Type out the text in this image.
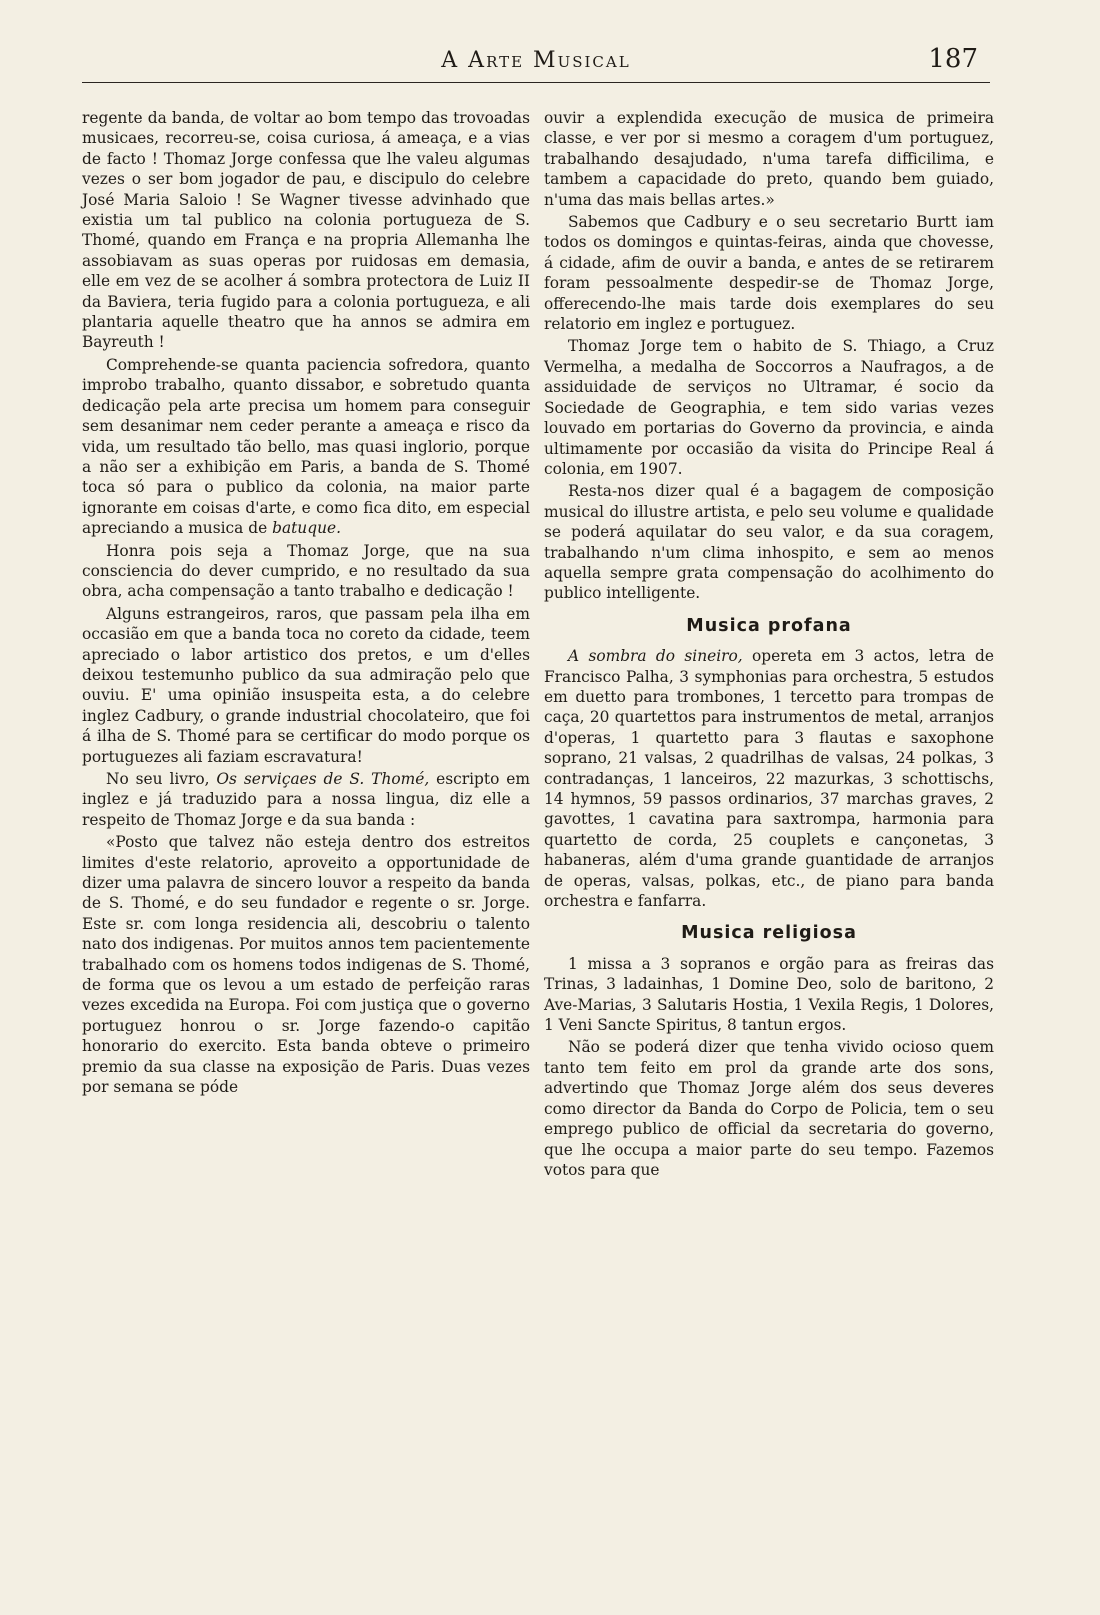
A Arte Musical	187

regente da banda, de voltar ao bom tempo das trovoadas musicaes, recorreu-se, coisa curiosa, á ameaça, e a vias de facto ! Thomaz Jorge confessa que lhe valeu algumas vezes o ser bom jogador de pau, e discipulo do celebre José Maria Saloio ! Se Wagner tivesse advinhado que existia um tal publico na colonia portugueza de S. Thomé, quando em França e na propria Allemanha lhe assobiavam as suas operas por ruidosas em demasia, elle em vez de se acolher á sombra protectora de Luiz II da Baviera, teria fugido para a colonia portugueza, e ali plantaria aquelle theatro que ha annos se admira em Bayreuth !

Comprehende-se quanta paciencia sofredora, quanto improbo trabalho, quanto dissabor, e sobretudo quanta dedicação pela arte precisa um homem para conseguir sem desanimar nem ceder perante a ameaça e risco da vida, um resultado tão bello, mas quasi inglorio, porque a não ser a exhibição em Paris, a banda de S. Thomé toca só para o publico da colonia, na maior parte ignorante em coisas d'arte, e como fica dito, em especial apreciando a musica de batuque.

Honra pois seja a Thomaz Jorge, que na sua consciencia do dever cumprido, e no resultado da sua obra, acha compensação a tanto trabalho e dedicação !

Alguns estrangeiros, raros, que passam pela ilha em occasião em que a banda toca no coreto da cidade, teem apreciado o labor artistico dos pretos, e um d'elles deixou testemunho publico da sua admiração pelo que ouviu. E' uma opinião insuspeita esta, a do celebre inglez Cadbury, o grande industrial chocolateiro, que foi á ilha de S. Thomé para se certificar do modo porque os portuguezes ali faziam escravatura!

No seu livro, Os serviçaes de S. Thomé, escripto em inglez e já traduzido para a nossa lingua, diz elle a respeito de Thomaz Jorge e da sua banda :

«Posto que talvez não esteja dentro dos estreitos limites d'este relatorio, aproveito a opportunidade de dizer uma palavra de sincero louvor a respeito da banda de S. Thomé, e do seu fundador e regente o sr. Jorge. Este sr. com longa residencia ali, descobriu o talento nato dos indigenas. Por muitos annos tem pacientemente trabalhado com os homens todos indigenas de S. Thomé, de forma que os levou a um estado de perfeição raras vezes excedida na Europa. Foi com justiça que o governo portuguez honrou o sr. Jorge fazendo-o capitão honorario do exercito. Esta banda obteve o primeiro premio da sua classe na exposição de Paris. Duas vezes por semana se póde

ouvir a explendida execução de musica de primeira classe, e ver por si mesmo a coragem d'um portuguez, trabalhando desajudado, n'uma tarefa difficilima, e tambem a capacidade do preto, quando bem guiado, n'uma das mais bellas artes.»

Sabemos que Cadbury e o seu secretario Burtt iam todos os domingos e quintas-feiras, ainda que chovesse, á cidade, afim de ouvir a banda, e antes de se retirarem foram pessoalmente despedir-se de Thomaz Jorge, offerecendo-lhe mais tarde dois exemplares do seu relatorio em inglez e portuguez.

Thomaz Jorge tem o habito de S. Thiago, a Cruz Vermelha, a medalha de Soccorros a Naufragos, a de assiduidade de serviços no Ultramar, é socio da Sociedade de Geographia, e tem sido varias vezes louvado em portarias do Governo da provincia, e ainda ultimamente por occasião da visita do Principe Real á colonia, em 1907.

Resta-nos dizer qual é a bagagem de composição musical do illustre artista, e pelo seu volume e qualidade se poderá aquilatar do seu valor, e da sua coragem, trabalhando n'um clima inhospito, e sem ao menos aquella sempre grata compensação do acolhimento do publico intelligente.

Musica profana

A sombra do sineiro, opereta em 3 actos, letra de Francisco Palha, 3 symphonias para orchestra, 5 estudos em duetto para trombones, 1 tercetto para trompas de caça, 20 quartettos para instrumentos de metal, arranjos d'operas, 1 quartetto para 3 flautas e saxophone soprano, 21 valsas, 2 quadrilhas de valsas, 24 polkas, 3 contradanças, 1 lanceiros, 22 mazurkas, 3 schottischs, 14 hymnos, 59 passos ordinarios, 37 marchas graves, 2 gavottes, 1 cavatina para saxtrompa, harmonia para quartetto de corda, 25 couplets e cançonetas, 3 habaneras, além d'uma grande guantidade de arranjos de operas, valsas, polkas, etc., de piano para banda orchestra e fanfarra.

Musica religiosa

1 missa a 3 sopranos e orgão para as freiras das Trinas, 3 ladainhas, 1 Domine Deo, solo de baritono, 2 Ave-Marias, 3 Salutaris Hostia, 1 Vexila Regis, 1 Dolores, 1 Veni Sancte Spiritus, 8 tantun ergos.

Não se poderá dizer que tenha vivido ocioso quem tanto tem feito em prol da grande arte dos sons, advertindo que Thomaz Jorge além dos seus deveres como director da Banda do Corpo de Policia, tem o seu emprego publico de official da secretaria do governo, que lhe occupa a maior parte do seu tempo. Fazemos votos para que
